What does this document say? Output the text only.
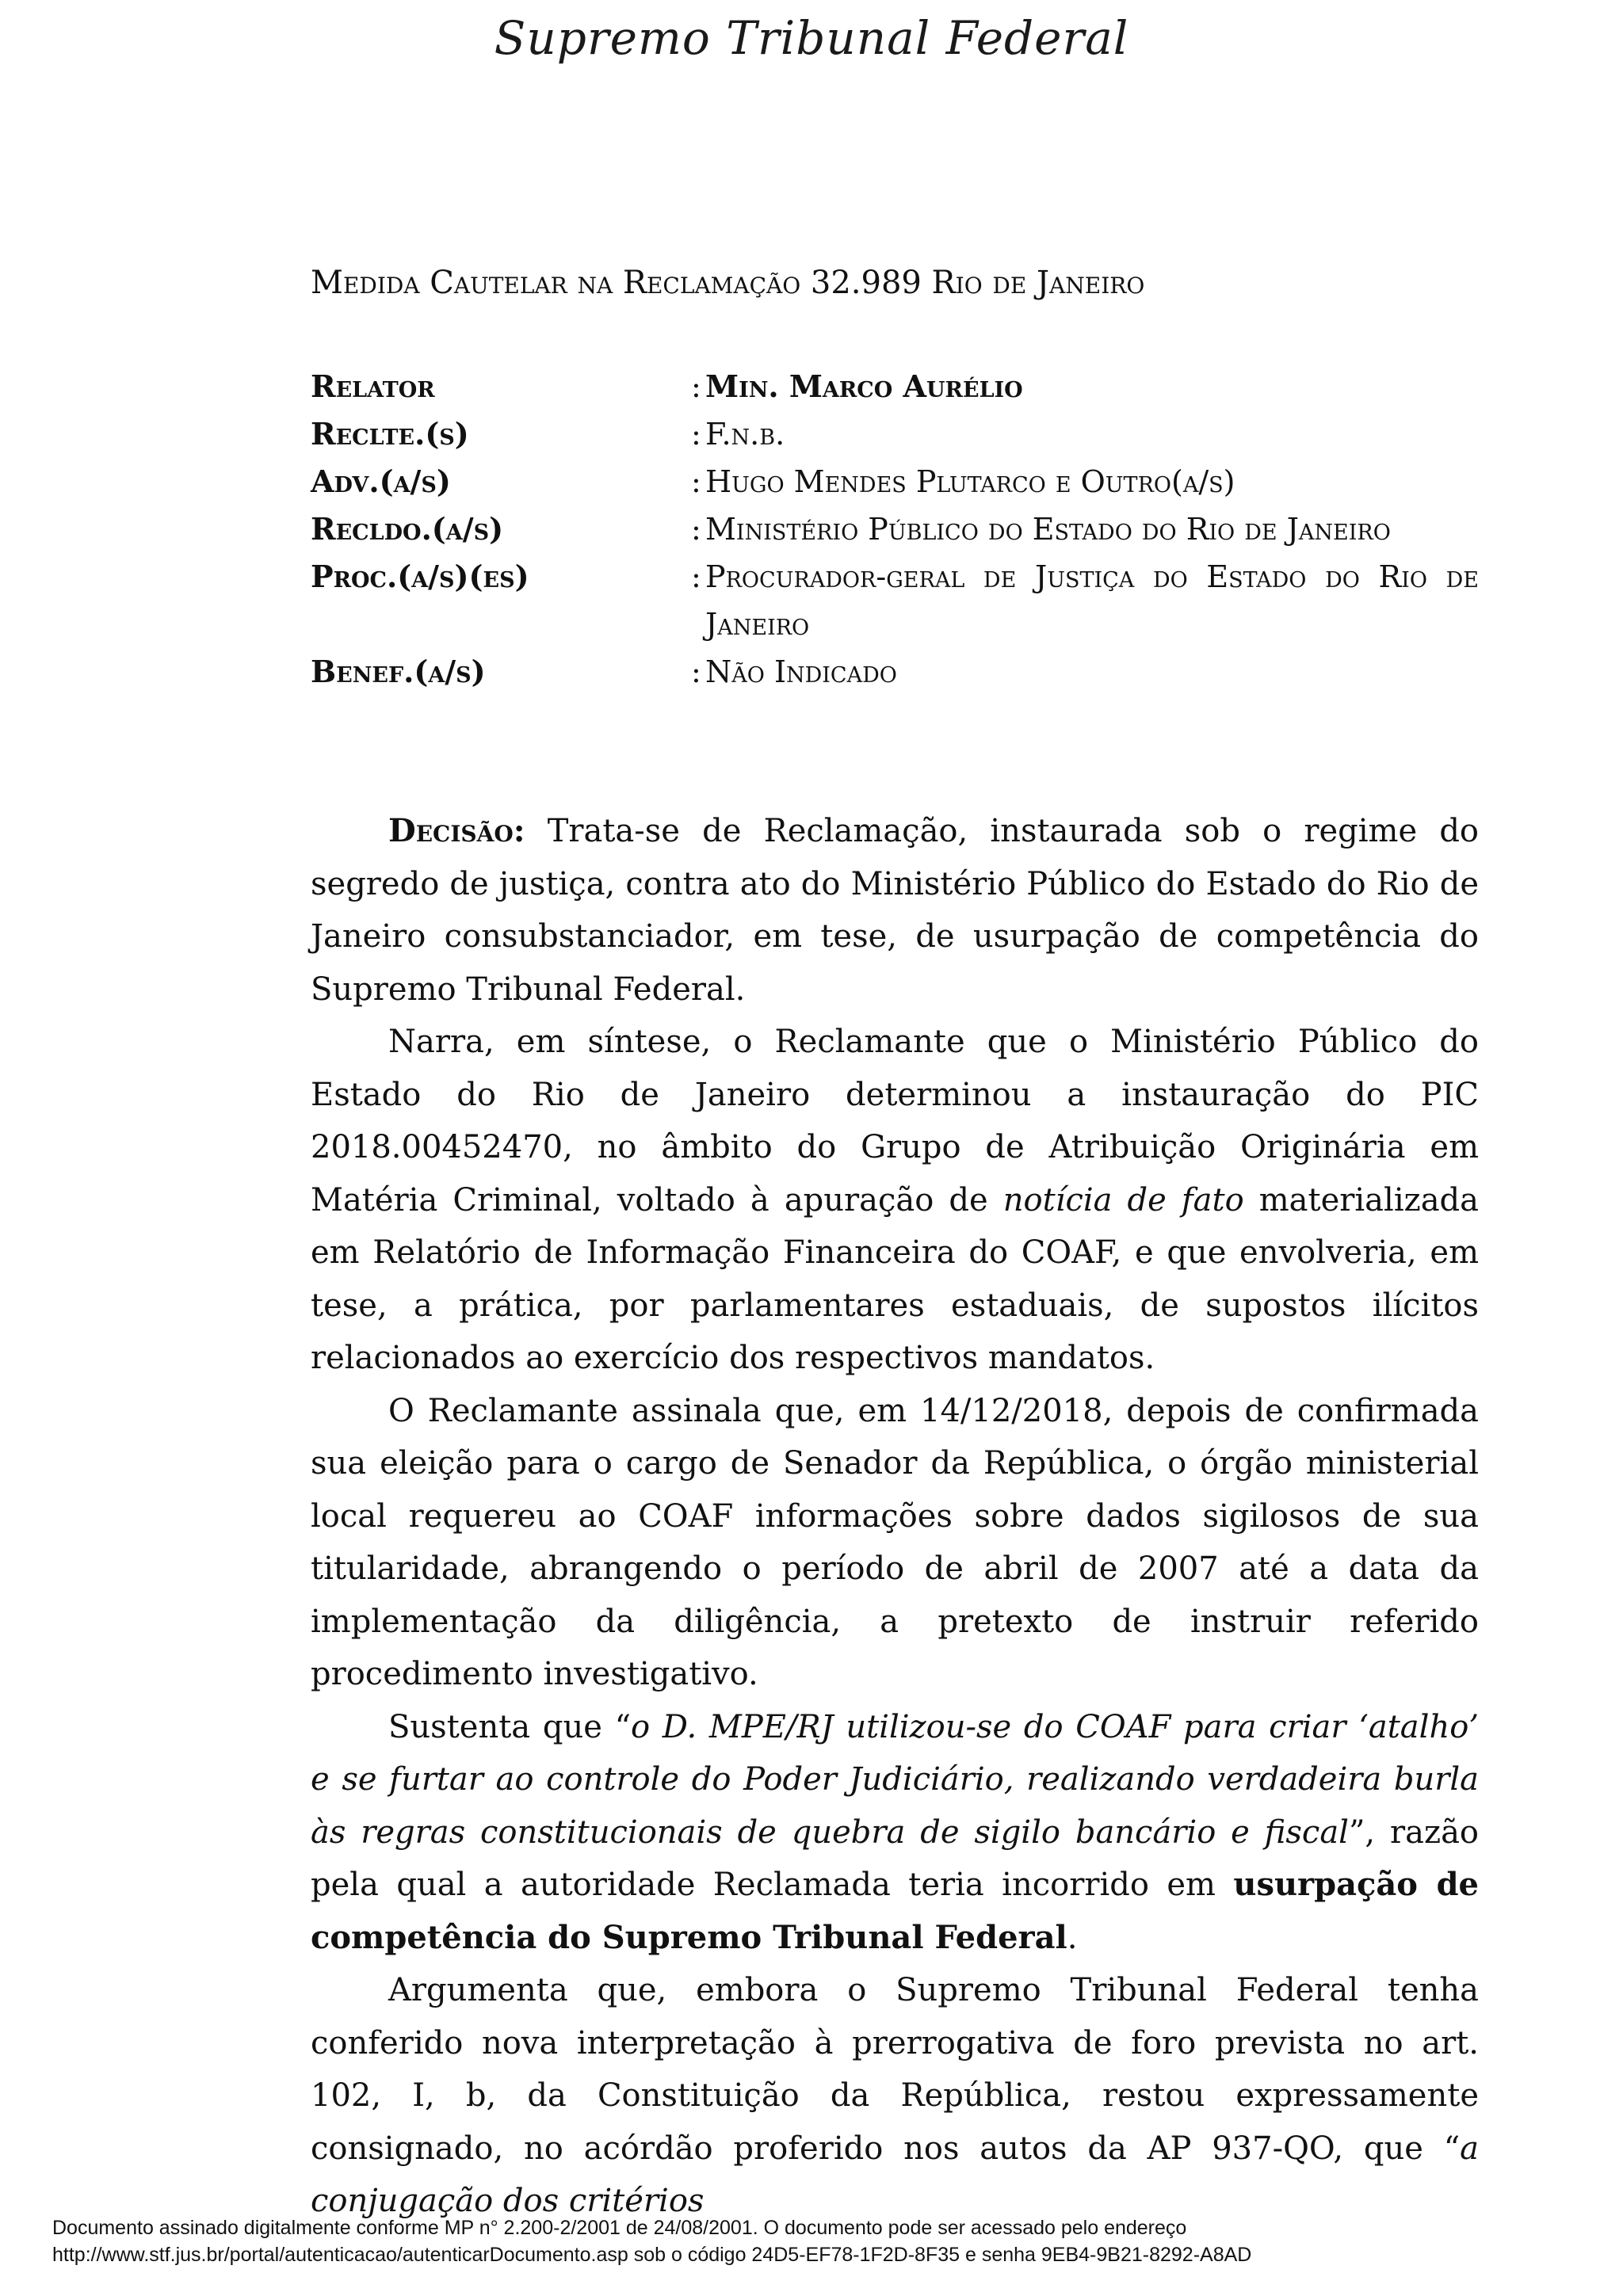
Supremo Tribunal Federal
Medida Cautelar na Reclamação 32.989 Rio de Janeiro
Relator	: Min. Marco Aurélio
Reclte.(s)	: F.n.b.
Adv.(a/s)	: Hugo Mendes Plutarco e Outro(a/s)
Recldo.(a/s)	: Ministério Público do Estado do Rio de Janeiro
Proc.(a/s)(es)	: Procurador-geral de Justiça do Estado do Rio de Janeiro
Benef.(a/s)	: Não Indicado

Decisão: Trata-se de Reclamação, instaurada sob o regime do segredo de justiça, contra ato do Ministério Público do Estado do Rio de Janeiro consubstanciador, em tese, de usurpação de competência do Supremo Tribunal Federal.

Narra, em síntese, o Reclamante que o Ministério Público do Estado do Rio de Janeiro determinou a instauração do PIC 2018.00452470, no âmbito do Grupo de Atribuição Originária em Matéria Criminal, voltado à apuração de notícia de fato materializada em Relatório de Informação Financeira do COAF, e que envolveria, em tese, a prática, por parlamentares estaduais, de supostos ilícitos relacionados ao exercício dos respectivos mandatos.

O Reclamante assinala que, em 14/12/2018, depois de confirmada sua eleição para o cargo de Senador da República, o órgão ministerial local requereu ao COAF informações sobre dados sigilosos de sua titularidade, abrangendo o período de abril de 2007 até a data da implementação da diligência, a pretexto de instruir referido procedimento investigativo.

Sustenta que “o D. MPE/RJ utilizou-se do COAF para criar ‘atalho’ e se furtar ao controle do Poder Judiciário, realizando verdadeira burla às regras constitucionais de quebra de sigilo bancário e fiscal”, razão pela qual a autoridade Reclamada teria incorrido em usurpação de competência do Supremo Tribunal Federal.

Argumenta que, embora o Supremo Tribunal Federal tenha conferido nova interpretação à prerrogativa de foro prevista no art. 102, I, b, da Constituição da República, restou expressamente consignado, no acórdão proferido nos autos da AP 937-QO, que “a conjugação dos critérios

Documento assinado digitalmente conforme MP n° 2.200-2/2001 de 24/08/2001. O documento pode ser acessado pelo endereço
http://www.stf.jus.br/portal/autenticacao/autenticarDocumento.asp sob o código 24D5-EF78-1F2D-8F35 e senha 9EB4-9B21-8292-A8AD
